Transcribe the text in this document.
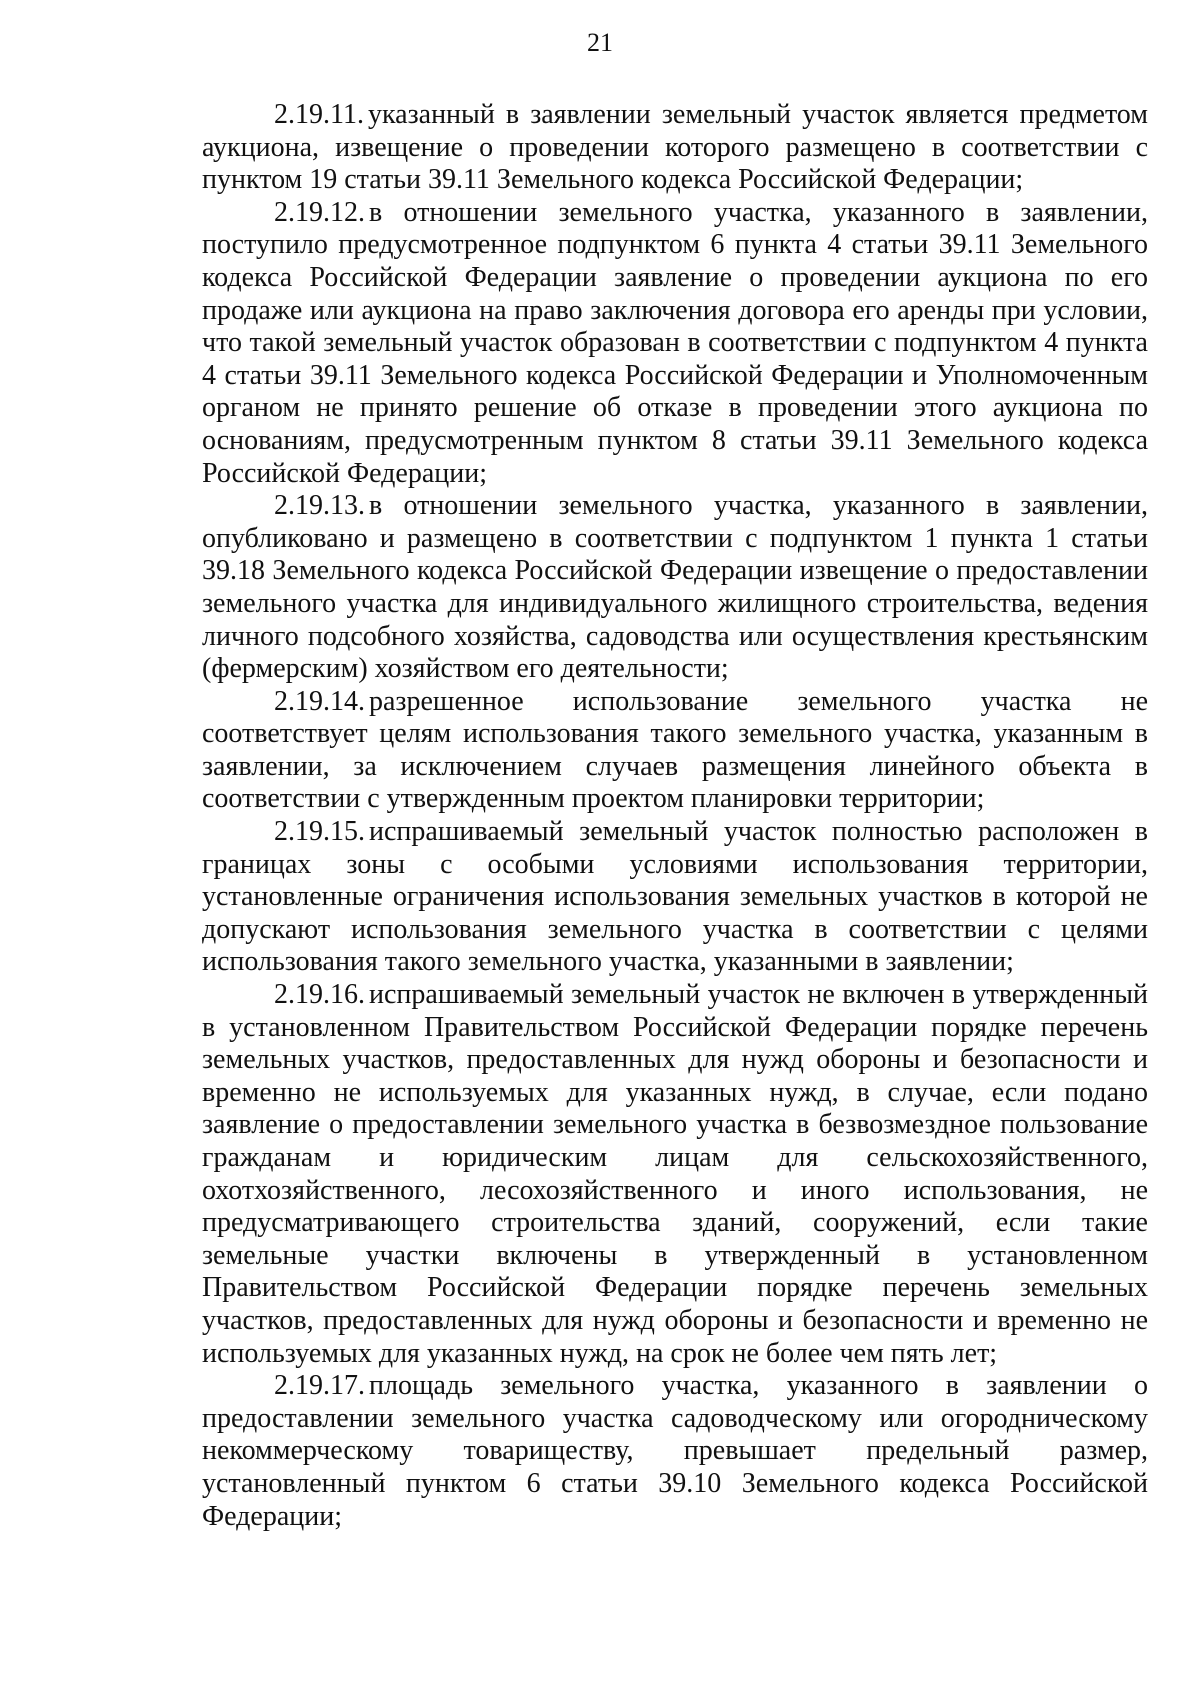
21

2.19.11. указанный в заявлении земельный участок является предметом аукциона, извещение о проведении которого размещено в соответствии с пунктом 19 статьи 39.11 Земельного кодекса Российской Федерации;

2.19.12. в отношении земельного участка, указанного в заявлении, поступило предусмотренное подпунктом 6 пункта 4 статьи 39.11 Земельного кодекса Российской Федерации заявление о проведении аукциона по его продаже или аукциона на право заключения договора его аренды при условии, что такой земельный участок образован в соответствии с подпунктом 4 пункта 4 статьи 39.11 Земельного кодекса Российской Федерации и Уполномоченным органом не принято решение об отказе в проведении этого аукциона по основаниям, предусмотренным пунктом 8 статьи 39.11 Земельного кодекса Российской Федерации;

2.19.13. в отношении земельного участка, указанного в заявлении, опубликовано и размещено в соответствии с подпунктом 1 пункта 1 статьи 39.18 Земельного кодекса Российской Федерации извещение о предоставлении земельного участка для индивидуального жилищного строительства, ведения личного подсобного хозяйства, садоводства или осуществления крестьянским (фермерским) хозяйством его деятельности;

2.19.14. разрешенное использование земельного участка не соответствует целям использования такого земельного участка, указанным в заявлении, за исключением случаев размещения линейного объекта в соответствии с утвержденным проектом планировки территории;

2.19.15. испрашиваемый земельный участок полностью расположен в границах зоны с особыми условиями использования территории, установленные ограничения использования земельных участков в которой не допускают использования земельного участка в соответствии с целями использования такого земельного участка, указанными в заявлении;

2.19.16. испрашиваемый земельный участок не включен в утвержденный в установленном Правительством Российской Федерации порядке перечень земельных участков, предоставленных для нужд обороны и безопасности и временно не используемых для указанных нужд, в случае, если подано заявление о предоставлении земельного участка в безвозмездное пользование гражданам и юридическим лицам для сельскохозяйственного, охотхозяйственного, лесохозяйственного и иного использования, не предусматривающего строительства зданий, сооружений, если такие земельные участки включены в утвержденный в установленном Правительством Российской Федерации порядке перечень земельных участков, предоставленных для нужд обороны и безопасности и временно не используемых для указанных нужд, на срок не более чем пять лет;

2.19.17. площадь земельного участка, указанного в заявлении о предоставлении земельного участка садоводческому или огородническому некоммерческому товариществу, превышает предельный размер, установленный пунктом 6 статьи 39.10 Земельного кодекса Российской Федерации;
